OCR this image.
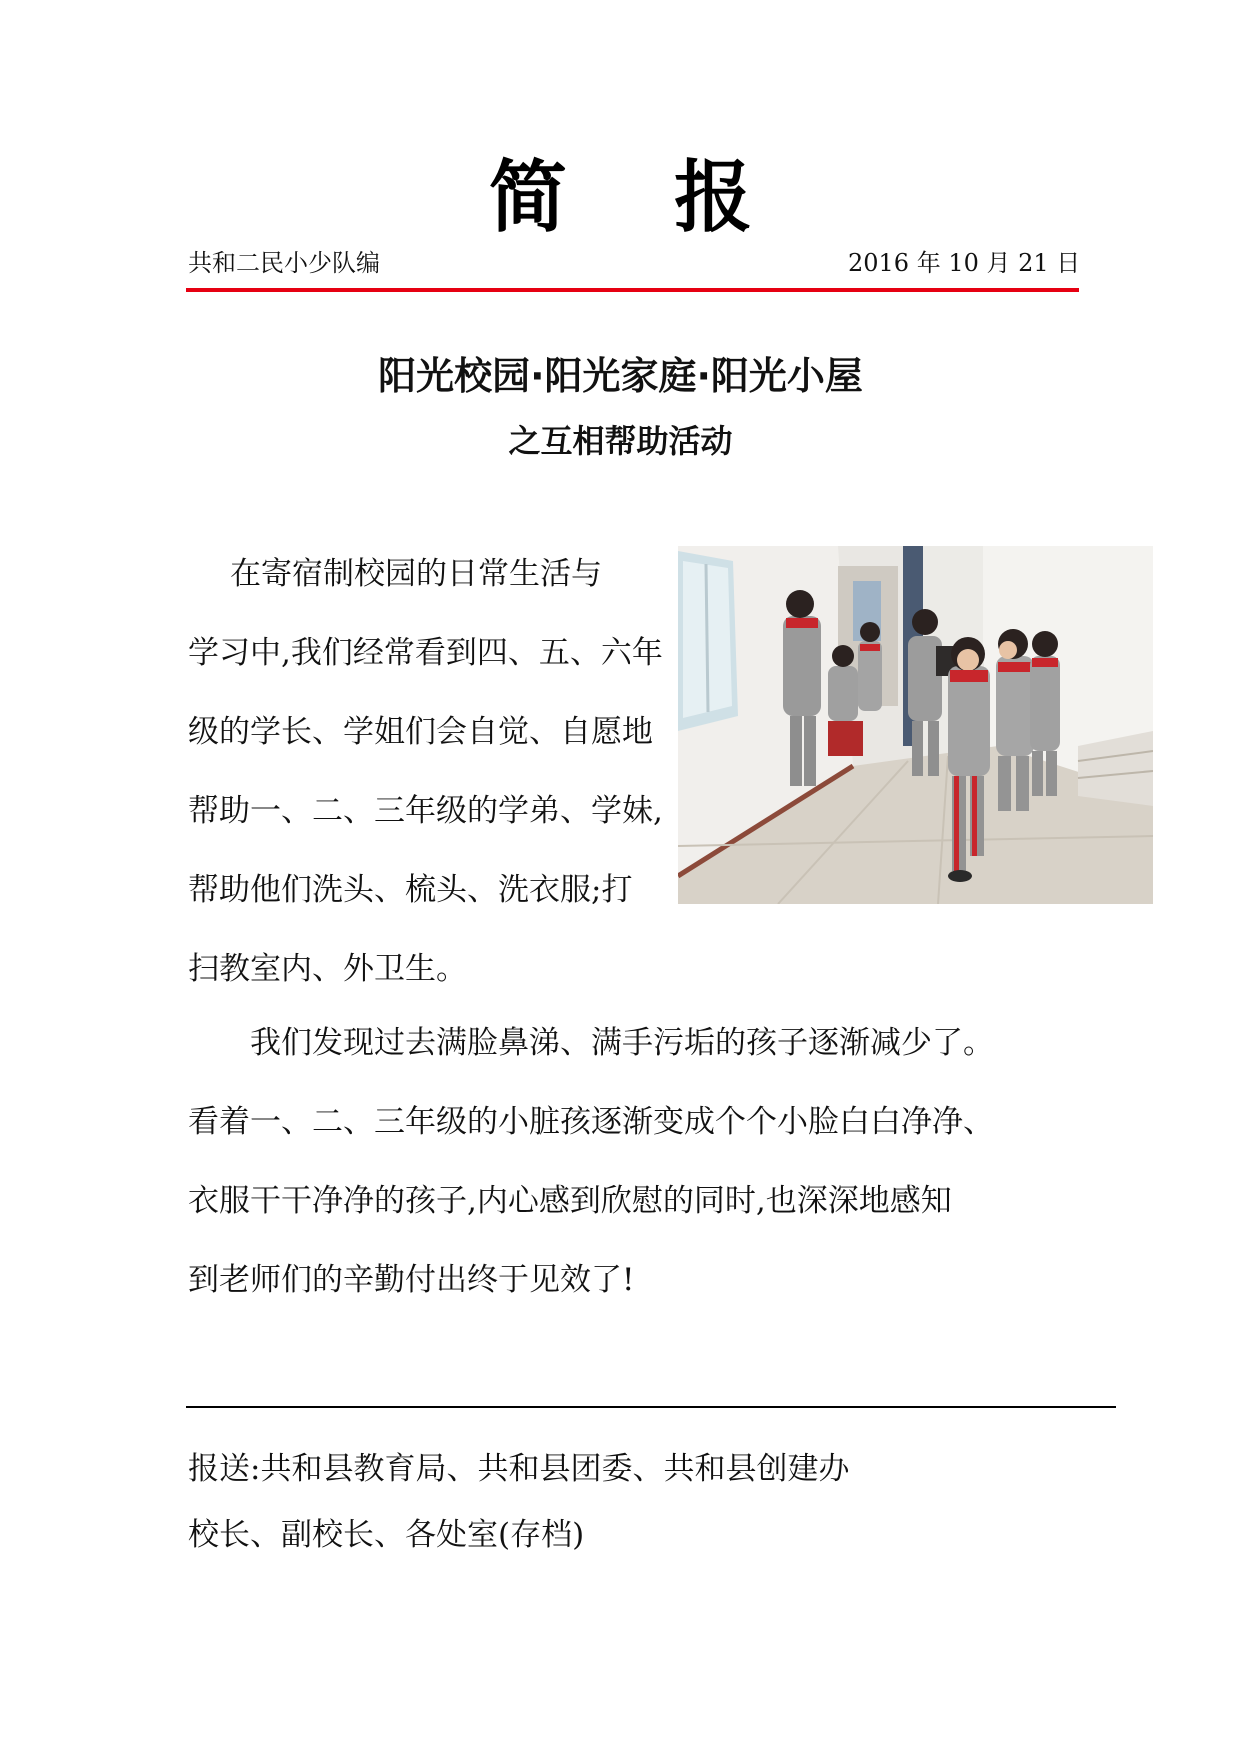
简 报
共和二民小少队编	2016 年 10 月 21 日
阳光校园·阳光家庭·阳光小屋
之互相帮助活动
在寄宿制校园的日常生活与
学习中,我们经常看到四、五、六年
级的学长、学姐们会自觉、自愿地
帮助一、二、三年级的学弟、学妹,
帮助他们洗头、梳头、洗衣服;打
扫教室内、外卫生。
我们发现过去满脸鼻涕、满手污垢的孩子逐渐减少了。
看着一、二、三年级的小脏孩逐渐变成个个小脸白白净净、
衣服干干净净的孩子,内心感到欣慰的同时,也深深地感知
到老师们的辛勤付出终于见效了!
报送:共和县教育局、共和县团委、共和县创建办
校长、副校长、各处室(存档)
